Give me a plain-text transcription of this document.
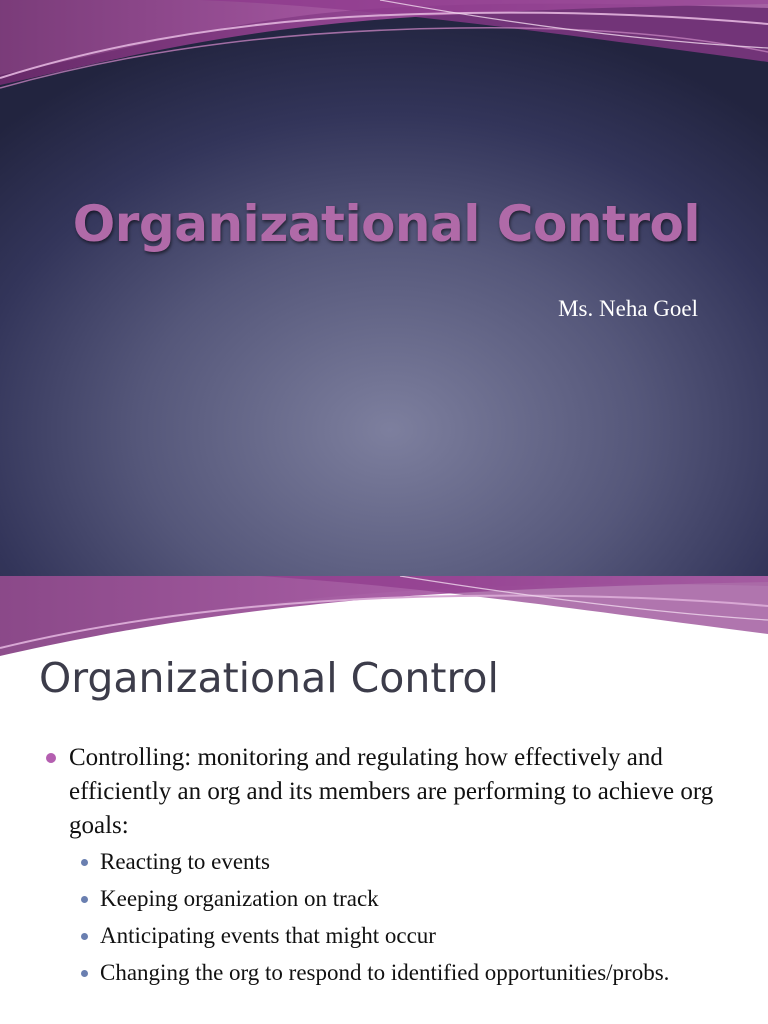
Organizational Control
Ms. Neha Goel
Organizational Control
Controlling: monitoring and regulating how effectively and efficiently an org and its members are performing to achieve org goals:
Reacting to events
Keeping organization on track
Anticipating events that might occur
Changing the org to respond to identified opportunities/probs.
